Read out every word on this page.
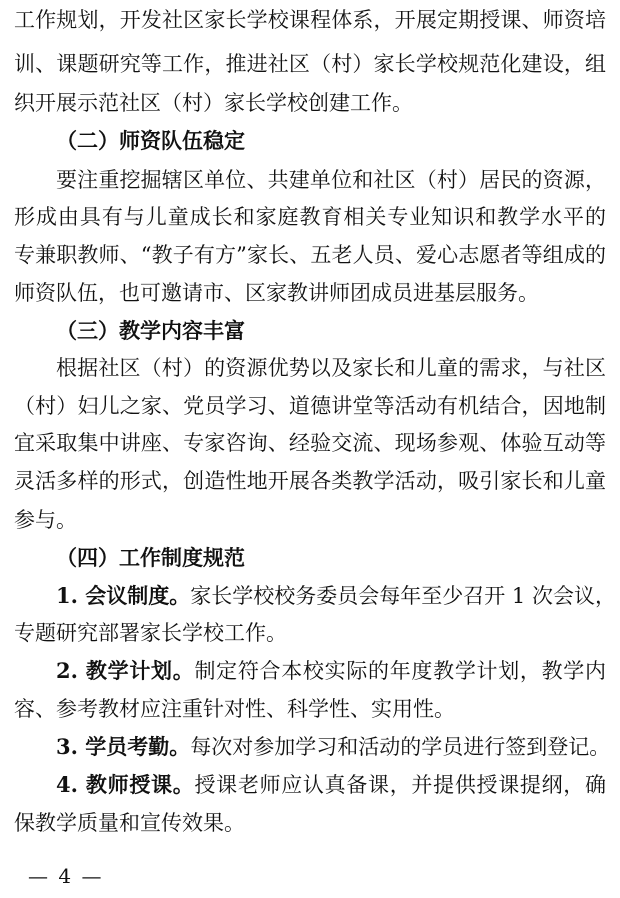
工作规划，开发社区家长学校课程体系，开展定期授课、师资培
训、课题研究等工作，推进社区（村）家长学校规范化建设，组
织开展示范社区（村）家长学校创建工作。
（二）师资队伍稳定
要注重挖掘辖区单位、共建单位和社区（村）居民的资源，
形成由具有与儿童成长和家庭教育相关专业知识和教学水平的
专兼职教师、“教子有方”家长、五老人员、爱心志愿者等组成的
师资队伍，也可邀请市、区家教讲师团成员进基层服务。
（三）教学内容丰富
根据社区（村）的资源优势以及家长和儿童的需求，与社区
（村）妇儿之家、党员学习、道德讲堂等活动有机结合，因地制
宜采取集中讲座、专家咨询、经验交流、现场参观、体验互动等
灵活多样的形式，创造性地开展各类教学活动，吸引家长和儿童
参与。
（四）工作制度规范
1. 会议制度。家长学校校务委员会每年至少召开 1 次会议，
专题研究部署家长学校工作。
2. 教学计划。制定符合本校实际的年度教学计划，教学内
容、参考教材应注重针对性、科学性、实用性。
3. 学员考勤。每次对参加学习和活动的学员进行签到登记。
4. 教师授课。授课老师应认真备课，并提供授课提纲，确
保教学质量和宣传效果。
— 4 —
